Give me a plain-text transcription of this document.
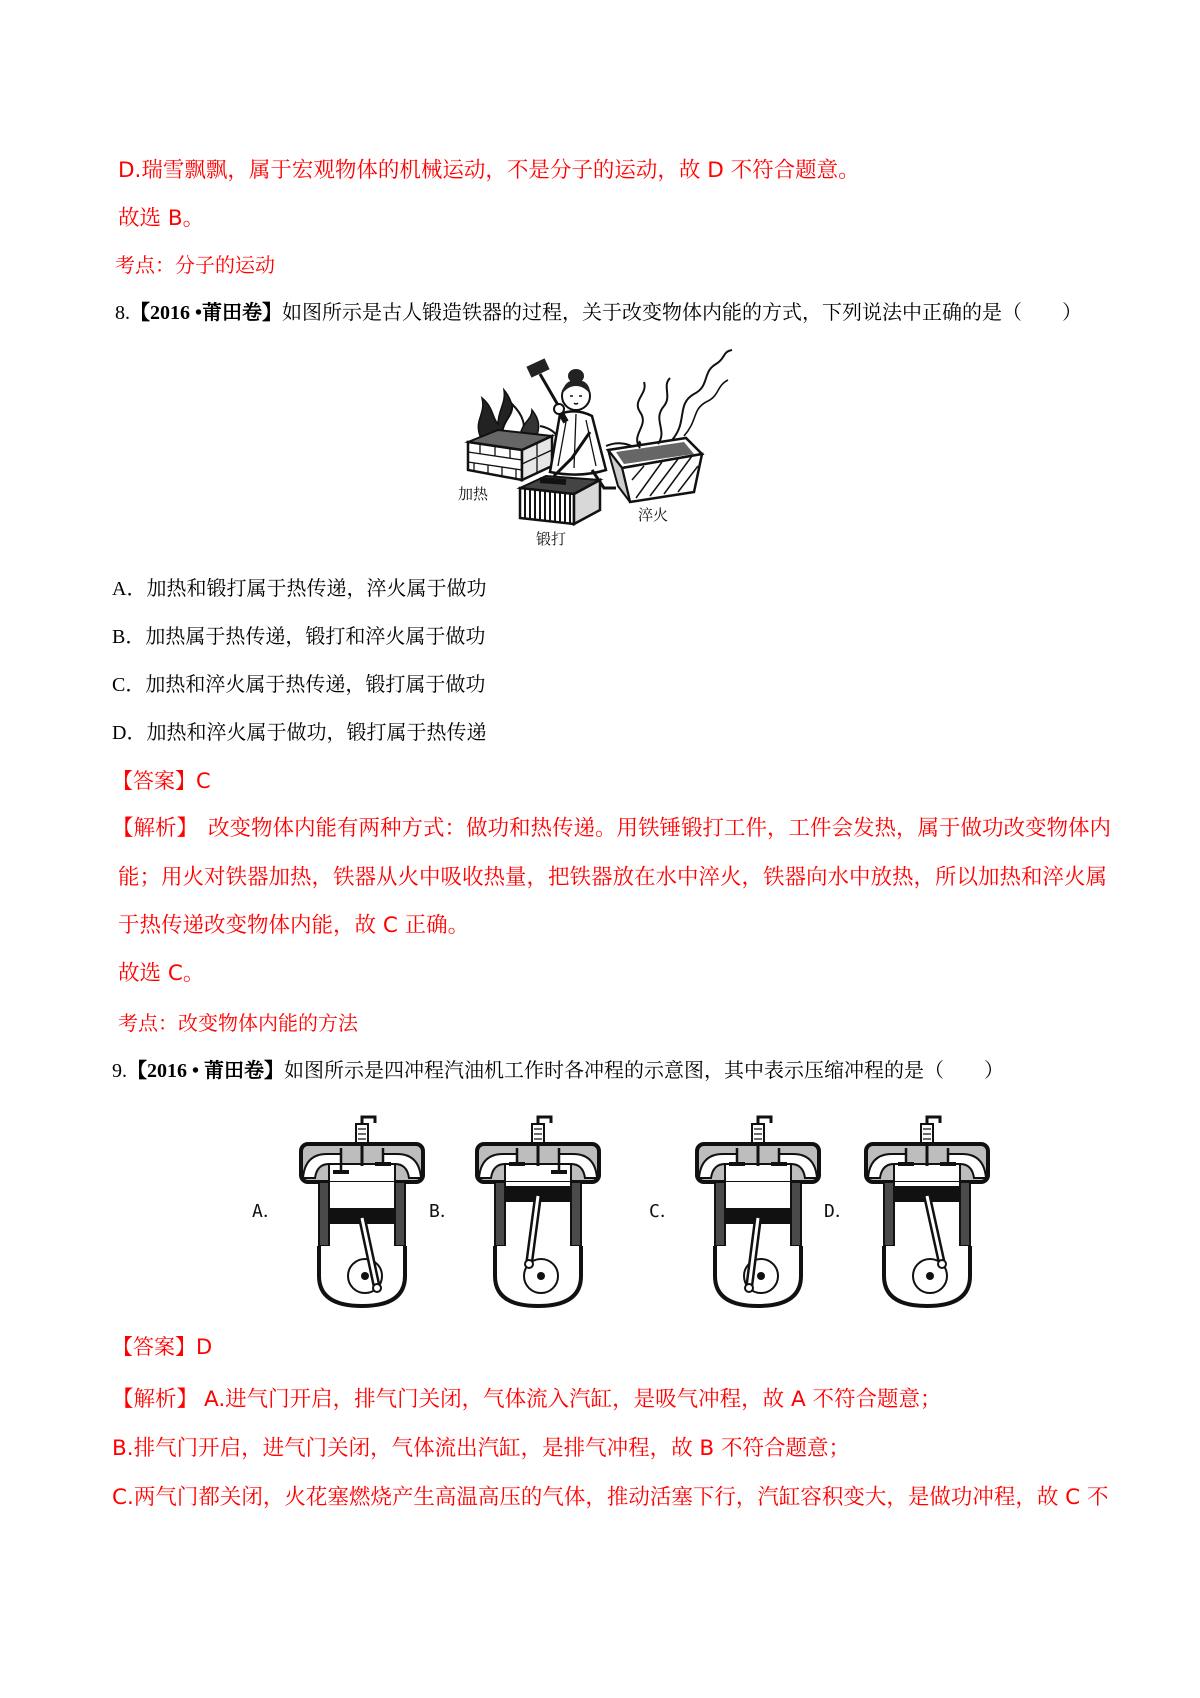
D.瑞雪飘飘，属于宏观物体的机械运动，不是分子的运动，故 D 不符合题意。
故选 B。
考点：分子的运动
8.【2016 •莆田卷】如图所示是古人锻造铁器的过程，关于改变物体内能的方式，下列说法中正确的是（　　）
加热
锻打
淬火
A．加热和锻打属于热传递，淬火属于做功
B．加热属于热传递，锻打和淬火属于做功
C．加热和淬火属于热传递，锻打属于做功
D．加热和淬火属于做功，锻打属于热传递
【答案】C
【解析】 改变物体内能有两种方式：做功和热传递。用铁锤锻打工件，工件会发热，属于做功改变物体内
能；用火对铁器加热，铁器从火中吸收热量，把铁器放在水中淬火，铁器向水中放热，所以加热和淬火属
于热传递改变物体内能，故 C 正确。
故选 C。
考点：改变物体内能的方法
9.【2016 • 莆田卷】如图所示是四冲程汽油机工作时各冲程的示意图，其中表示压缩冲程的是（　　）
A．	B．	C．	D．
【答案】D
【解析】 A.进气门开启，排气门关闭，气体流入汽缸，是吸气冲程，故 A 不符合题意；
B.排气门开启，进气门关闭，气体流出汽缸，是排气冲程，故 B 不符合题意；
C.两气门都关闭，火花塞燃烧产生高温高压的气体，推动活塞下行，汽缸容积变大，是做功冲程，故 C 不
